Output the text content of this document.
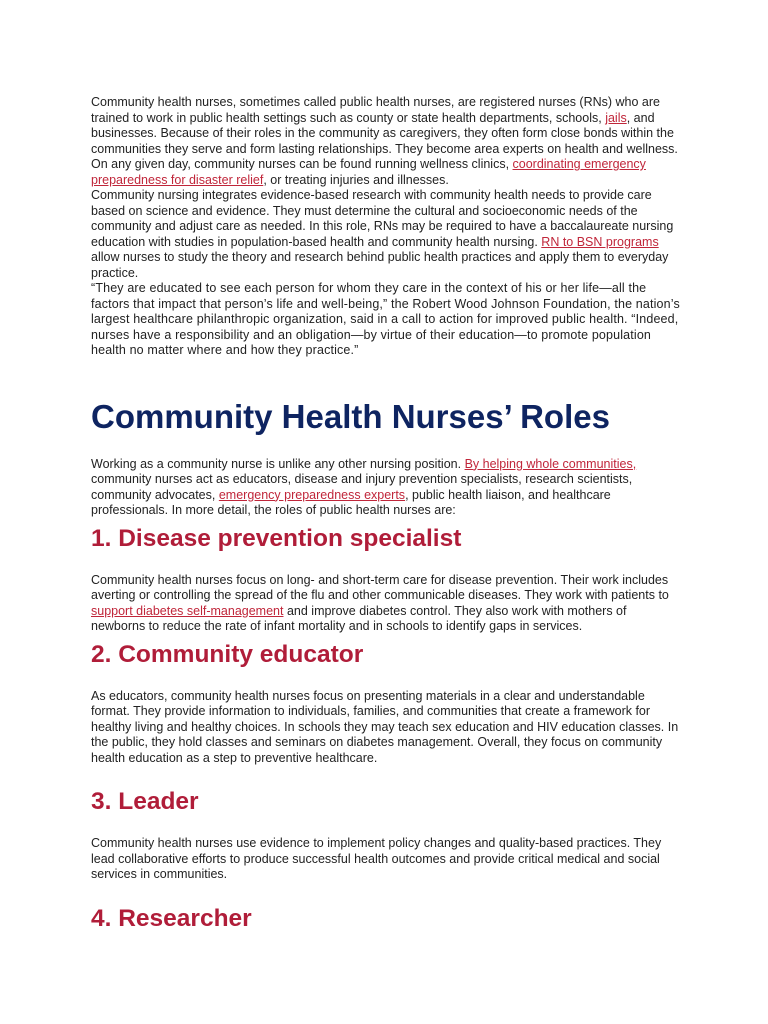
Community health nurses, sometimes called public health nurses, are registered nurses (RNs) who are trained to work in public health settings such as county or state health departments, schools, jails, and businesses. Because of their roles in the community as caregivers, they often form close bonds within the communities they serve and form lasting relationships. They become area experts on health and wellness.

On any given day, community nurses can be found running wellness clinics, coordinating emergency preparedness for disaster relief, or treating injuries and illnesses.

Community nursing integrates evidence-based research with community health needs to provide care based on science and evidence. They must determine the cultural and socioeconomic needs of the community and adjust care as needed. In this role, RNs may be required to have a baccalaureate nursing education with studies in population-based health and community health nursing. RN to BSN programs allow nurses to study the theory and research behind public health practices and apply them to everyday practice.

“They are educated to see each person for whom they care in the context of his or her life—all the factors that impact that person’s life and well-being,” the Robert Wood Johnson Foundation, the nation’s largest healthcare philanthropic organization, said in a call to action for improved public health. “Indeed, nurses have a responsibility and an obligation—by virtue of their education—to promote population health no matter where and how they practice.”

Community Health Nurses’ Roles

Working as a community nurse is unlike any other nursing position. By helping whole communities, community nurses act as educators, disease and injury prevention specialists, research scientists, community advocates, emergency preparedness experts, public health liaison, and healthcare professionals. In more detail, the roles of public health nurses are:

1. Disease prevention specialist

Community health nurses focus on long- and short-term care for disease prevention. Their work includes averting or controlling the spread of the flu and other communicable diseases. They work with patients to support diabetes self-management and improve diabetes control. They also work with mothers of newborns to reduce the rate of infant mortality and in schools to identify gaps in services.

2. Community educator

As educators, community health nurses focus on presenting materials in a clear and understandable format. They provide information to individuals, families, and communities that create a framework for healthy living and healthy choices. In schools they may teach sex education and HIV education classes. In the public, they hold classes and seminars on diabetes management. Overall, they focus on community health education as a step to preventive healthcare.

3. Leader

Community health nurses use evidence to implement policy changes and quality-based practices. They lead collaborative efforts to produce successful health outcomes and provide critical medical and social services in communities.

4. Researcher
